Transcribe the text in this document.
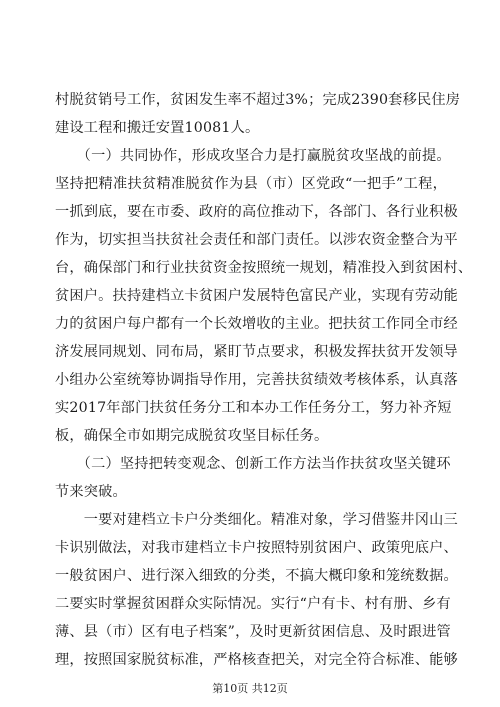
村脱贫销号工作，贫困发生率不超过3%；完成2390套移民住房
建设工程和搬迁安置10081人。
　　（一）共同协作，形成攻坚合力是打赢脱贫攻坚战的前提。
坚持把精准扶贫精准脱贫作为县（市）区党政“一把手”工程，
一抓到底，要在市委、政府的高位推动下，各部门、各行业积极
作为，切实担当扶贫社会责任和部门责任。以涉农资金整合为平
台，确保部门和行业扶贫资金按照统一规划，精准投入到贫困村、
贫困户。扶持建档立卡贫困户发展特色富民产业，实现有劳动能
力的贫困户每户都有一个长效增收的主业。把扶贫工作同全市经
济发展同规划、同布局，紧盯节点要求，积极发挥扶贫开发领导
小组办公室统筹协调指导作用，完善扶贫绩效考核体系，认真落
实2017年部门扶贫任务分工和本办工作任务分工，努力补齐短
板，确保全市如期完成脱贫攻坚目标任务。
　　（二）坚持把转变观念、创新工作方法当作扶贫攻坚关键环
节来突破。
　　一要对建档立卡户分类细化。精准对象，学习借鉴井冈山三
卡识别做法，对我市建档立卡户按照特别贫困户、政策兜底户、
一般贫困户、进行深入细致的分类，不搞大概印象和笼统数据。
二要实时掌握贫困群众实际情况。实行“户有卡、村有册、乡有
薄、县（市）区有电子档案”，及时更新贫困信息、及时跟进管
理，按照国家脱贫标准，严格核查把关，对完全符合标准、能够
第10页 共12页
